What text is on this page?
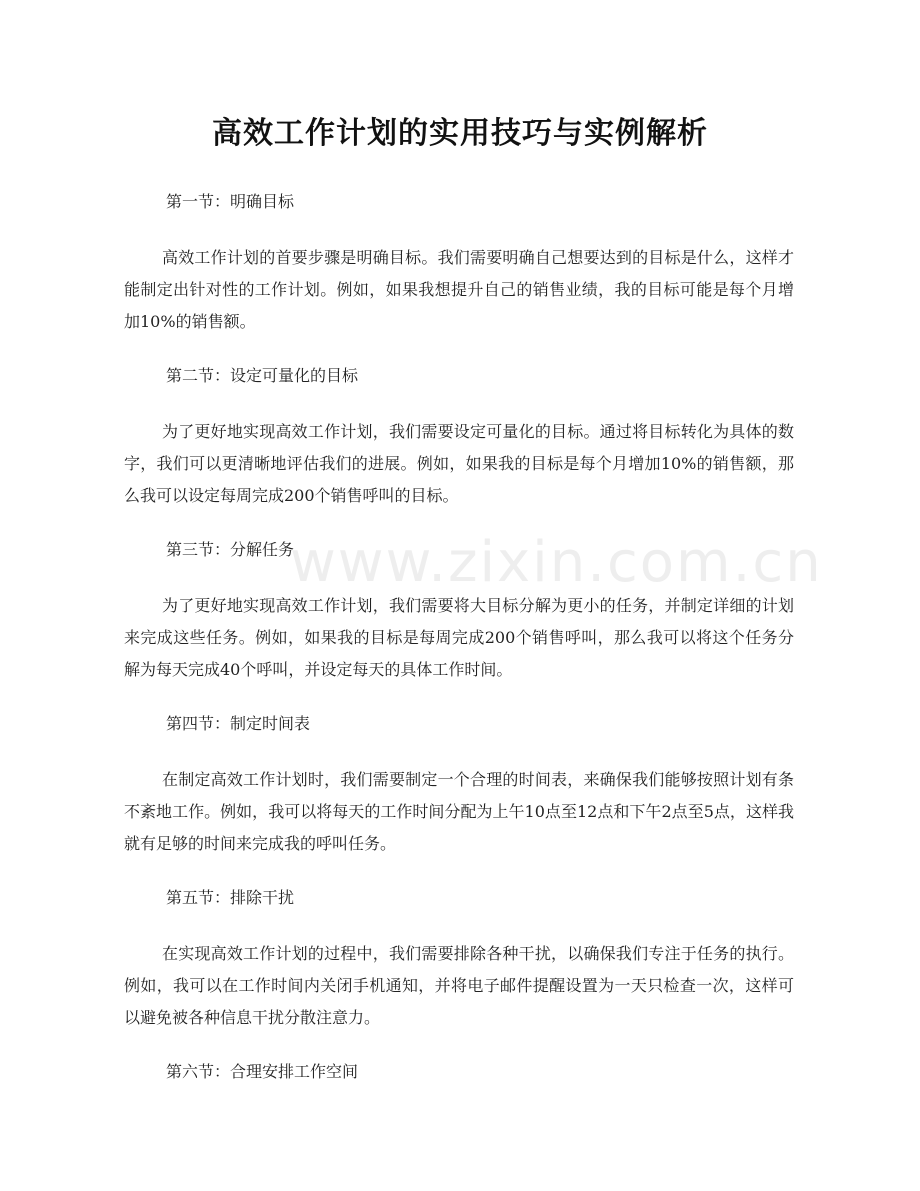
www.zixin.com.cn
高效工作计划的实用技巧与实例解析
第一节：明确目标

高效工作计划的首要步骤是明确目标。我们需要明确自己想要达到的目标是什么，这样才能制定出针对性的工作计划。例如，如果我想提升自己的销售业绩，我的目标可能是每个月增加10%的销售额。

第二节：设定可量化的目标

为了更好地实现高效工作计划，我们需要设定可量化的目标。通过将目标转化为具体的数字，我们可以更清晰地评估我们的进展。例如，如果我的目标是每个月增加10%的销售额，那么我可以设定每周完成200个销售呼叫的目标。

第三节：分解任务

为了更好地实现高效工作计划，我们需要将大目标分解为更小的任务，并制定详细的计划来完成这些任务。例如，如果我的目标是每周完成200个销售呼叫，那么我可以将这个任务分解为每天完成40个呼叫，并设定每天的具体工作时间。

第四节：制定时间表

在制定高效工作计划时，我们需要制定一个合理的时间表，来确保我们能够按照计划有条不紊地工作。例如，我可以将每天的工作时间分配为上午10点至12点和下午2点至5点，这样我就有足够的时间来完成我的呼叫任务。

第五节：排除干扰

在实现高效工作计划的过程中，我们需要排除各种干扰，以确保我们专注于任务的执行。例如，我可以在工作时间内关闭手机通知，并将电子邮件提醒设置为一天只检查一次，这样可以避免被各种信息干扰分散注意力。

第六节：合理安排工作空间
